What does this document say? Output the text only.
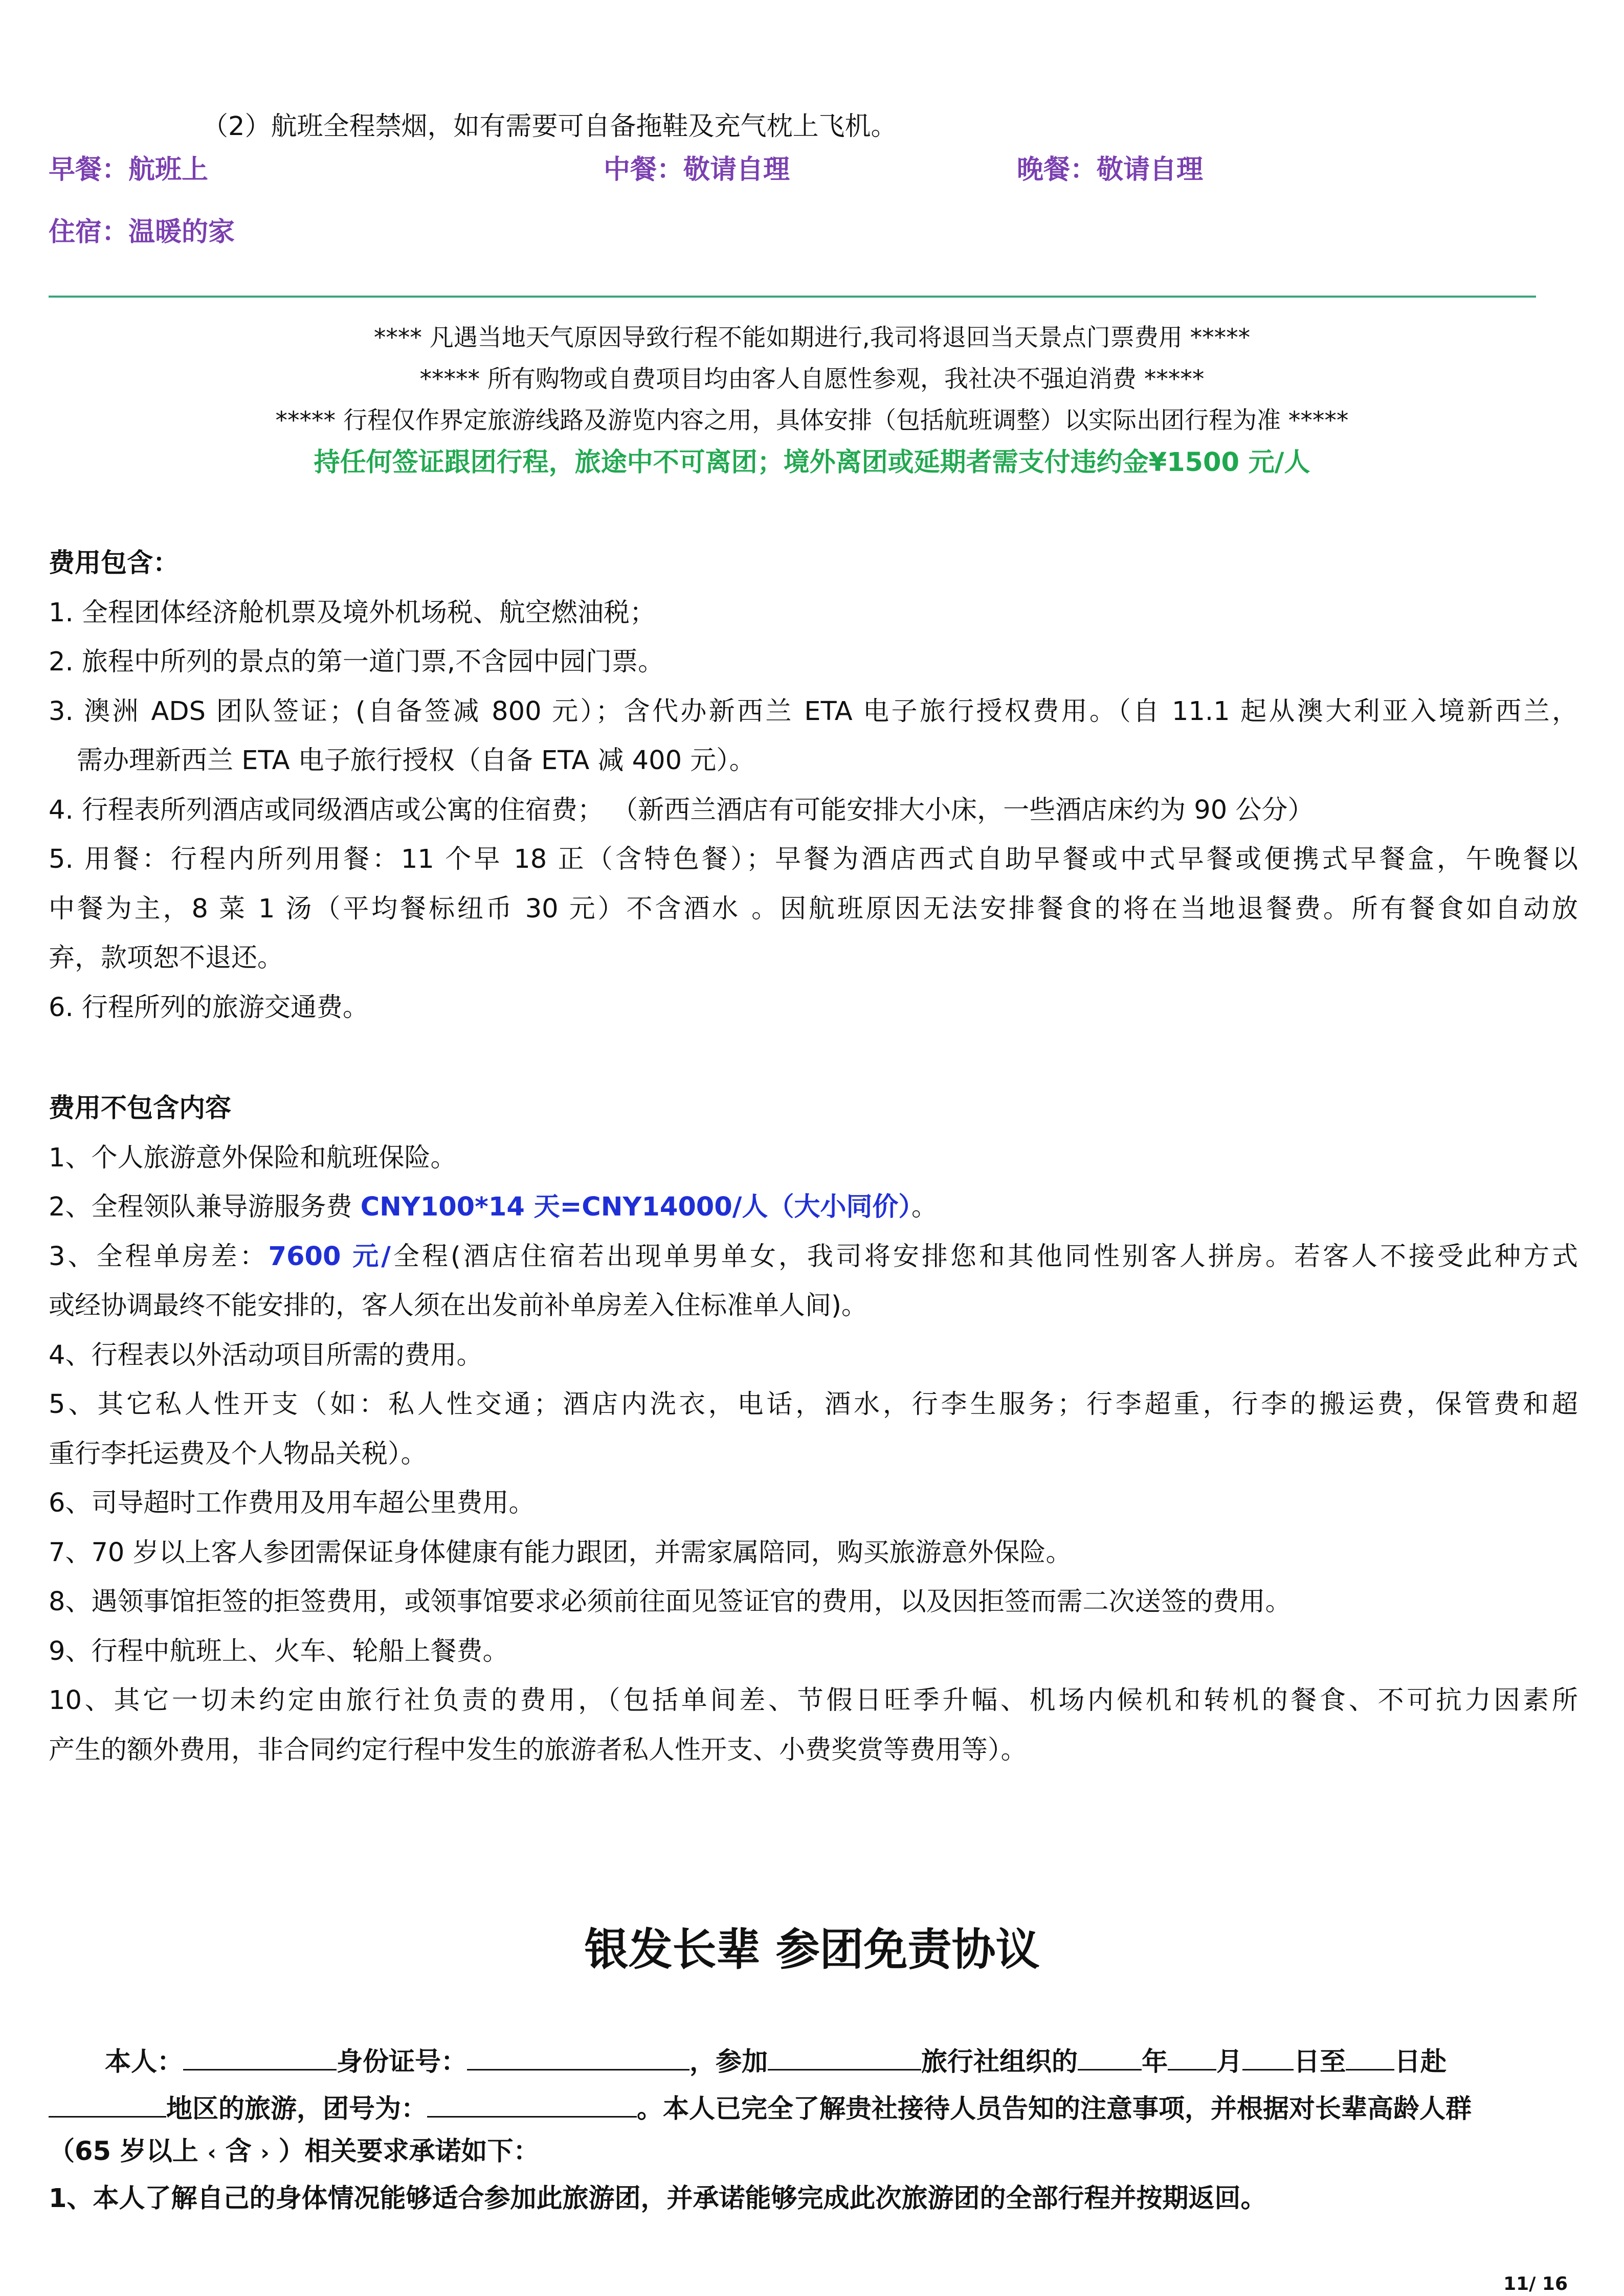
（2）航班全程禁烟，如有需要可自备拖鞋及充气枕上飞机。
早餐：航班上	中餐：敬请自理	晚餐：敬请自理
住宿：温暖的家
**** 凡遇当地天气原因导致行程不能如期进行,我司将退回当天景点门票费用 *****
***** 所有购物或自费项目均由客人自愿性参观，我社决不强迫消费 *****
***** 行程仅作界定旅游线路及游览内容之用，具体安排（包括航班调整）以实际出团行程为准 *****
持任何签证跟团行程，旅途中不可离团；境外离团或延期者需支付违约金¥1500 元/人
费用包含：
1. 全程团体经济舱机票及境外机场税、航空燃油税；
2. 旅程中所列的景点的第一道门票,不含园中园门票。
3. 澳洲 ADS 团队签证；(自备签减 800 元）；含代办新西兰 ETA 电子旅行授权费用。（自 11.1 起从澳大利亚入境新西兰，
需办理新西兰 ETA 电子旅行授权（自备 ETA 减 400 元）。
4. 行程表所列酒店或同级酒店或公寓的住宿费； （新西兰酒店有可能安排大小床，一些酒店床约为 90 公分）
5. 用餐：行程内所列用餐：11 个早 18 正（含特色餐）；早餐为酒店西式自助早餐或中式早餐或便携式早餐盒，午晚餐以
中餐为主，8 菜 1 汤（平均餐标纽币 30 元）不含酒水 。因航班原因无法安排餐食的将在当地退餐费。所有餐食如自动放
弃，款项恕不退还。
6. 行程所列的旅游交通费。
费用不包含内容
1、个人旅游意外保险和航班保险。
2、全程领队兼导游服务费 CNY100*14 天=CNY14000/人（大小同价）。
3、全程单房差：7600 元/全程(酒店住宿若出现单男单女，我司将安排您和其他同性别客人拼房。若客人不接受此种方式
或经协调最终不能安排的，客人须在出发前补单房差入住标准单人间)。
4、行程表以外活动项目所需的费用。
5、其它私人性开支（如：私人性交通；酒店内洗衣，电话，酒水，行李生服务；行李超重，行李的搬运费，保管费和超
重行李托运费及个人物品关税）。
6、司导超时工作费用及用车超公里费用。
7、70 岁以上客人参团需保证身体健康有能力跟团，并需家属陪同，购买旅游意外保险。
8、遇领事馆拒签的拒签费用，或领事馆要求必须前往面见签证官的费用，以及因拒签而需二次送签的费用。
9、行程中航班上、火车、轮船上餐费。
10、其它一切未约定由旅行社负责的费用，（包括单间差、节假日旺季升幅、机场内候机和转机的餐食、不可抗力因素所
产生的额外费用，非合同约定行程中发生的旅游者私人性开支、小费奖赏等费用等）。
银发长辈 参团免责协议
本人：	身份证号：	，参加	旅行社组织的 年 月 日至 日赴
地区的旅游，团号为：	。本人已完全了解贵社接待人员告知的注意事项，并根据对长辈高龄人群
（65 岁以上 ‹ 含 › ）相关要求承诺如下：
1、本人了解自己的身体情况能够适合参加此旅游团，并承诺能够完成此次旅游团的全部行程并按期返回。
11/ 16
